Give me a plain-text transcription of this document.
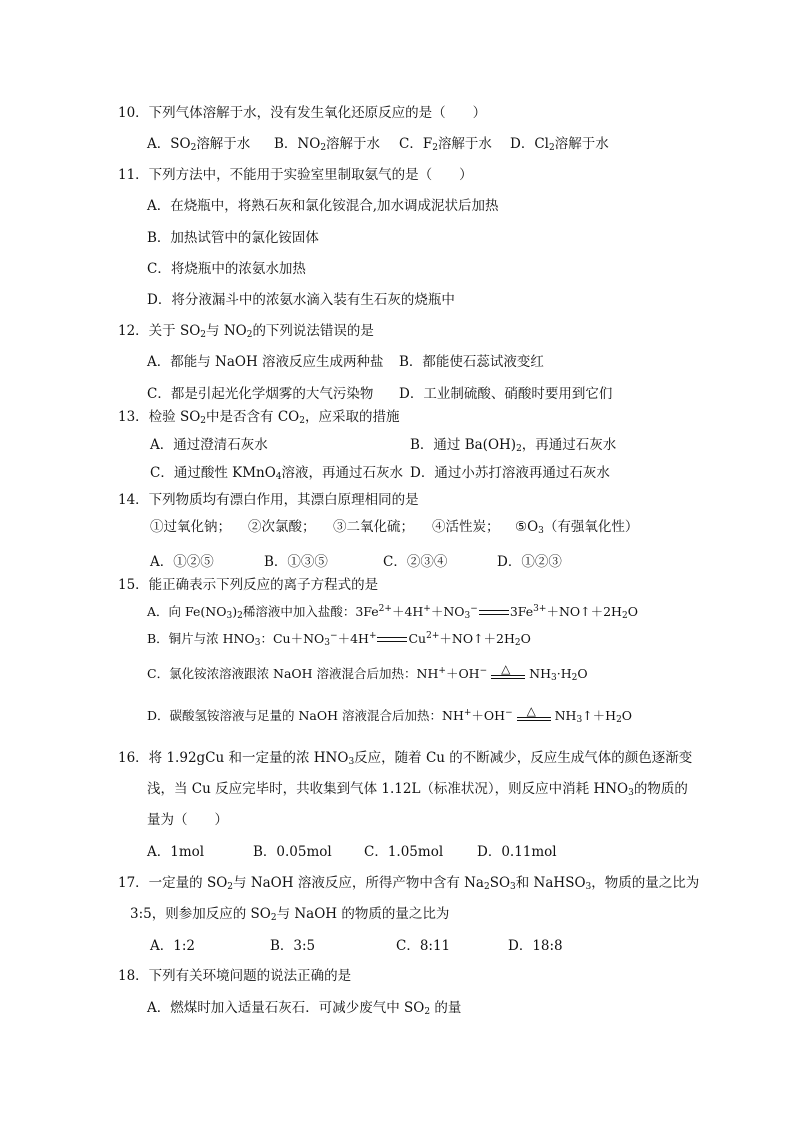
10．下列气体溶解于水，没有发生氧化还原反应的是（　　）
A．$SO_2$溶解于水 B．$NO_2$溶解于水 C．$F_2$溶解于水 D．$Cl_2$溶解于水
11．下列方法中，不能用于实验室里制取氨气的是（　　）
A．在烧瓶中，将熟石灰和氯化铵混合,加水调成泥状后加热
B．加热试管中的氯化铵固体
C．将烧瓶中的浓氨水加热
D．将分液漏斗中的浓氨水滴入装有生石灰的烧瓶中
12．关于 $SO_2$与 $NO_2$的下列说法错误的是
A．都能与 NaOH 溶液反应生成两种盐 B．都能使石蕊试液变红
C．都是引起光化学烟雾的大气污染物 D．工业制硫酸、硝酸时要用到它们
13．检验 $SO_2$中是否含有 $CO_2$，应采取的措施
A．通过澄清石灰水	B．通过 $Ba(OH)_2$，再通过石灰水
C．通过酸性 KMnO$_4$溶液，再通过石灰水 D．通过小苏打溶液再通过石灰水
14．下列物质均有漂白作用，其漂白原理相同的是
①过氧化钠； ②次氯酸； ③二氧化硫； ④活性炭； $⑤O_3$（有强氧化性）
A．①②⑤	B．①③⑤	C．②③④	D．①②③
15．能正确表示下列反应的离子方程式的是
A．向 $Fe(NO_3)_2$稀溶液中加入盐酸：$3Fe^{2+}+4H^++NO_3^-$	$3Fe^{3+}+NO↑+2H_2O$
B．铜片与浓 $HNO_3$：$Cu+NO_3^-+4H^+$	$Cu^{2+}+NO↑+2H_2O$
C．氯化铵浓溶液跟浓 NaOH 溶液混合后加热：NH+＋OH− △ $NH_3\cdot H_2O$
D．碳酸氢铵溶液与足量的 NaOH 溶液混合后加热：NH+＋OH− △ $NH_3↑+H_2O$
16．将 1.92gCu 和一定量的浓 $HNO_3$反应，随着 Cu 的不断减少，反应生成气体的颜色逐渐变
浅，当 Cu 反应完毕时，共收集到气体 1.12L（标准状况），则反应中消耗 $HNO_3$的物质的
量为（　　）
A．1mol	B．0.05mol C．1.05mol	D．0.11mol
17．一定量的 $SO_2$与 NaOH 溶液反应，所得产物中含有 $Na_2SO_3$和 NaHSO$_3$，物质的量之比为
3:5，则参加反应的 $SO_2$与 NaOH 的物质的量之比为
A．1:2	B．3:5	C．8:11	D．18:8
18．下列有关环境问题的说法正确的是
A．燃煤时加入适量石灰石．可减少废气中 $SO_2$ 的量
